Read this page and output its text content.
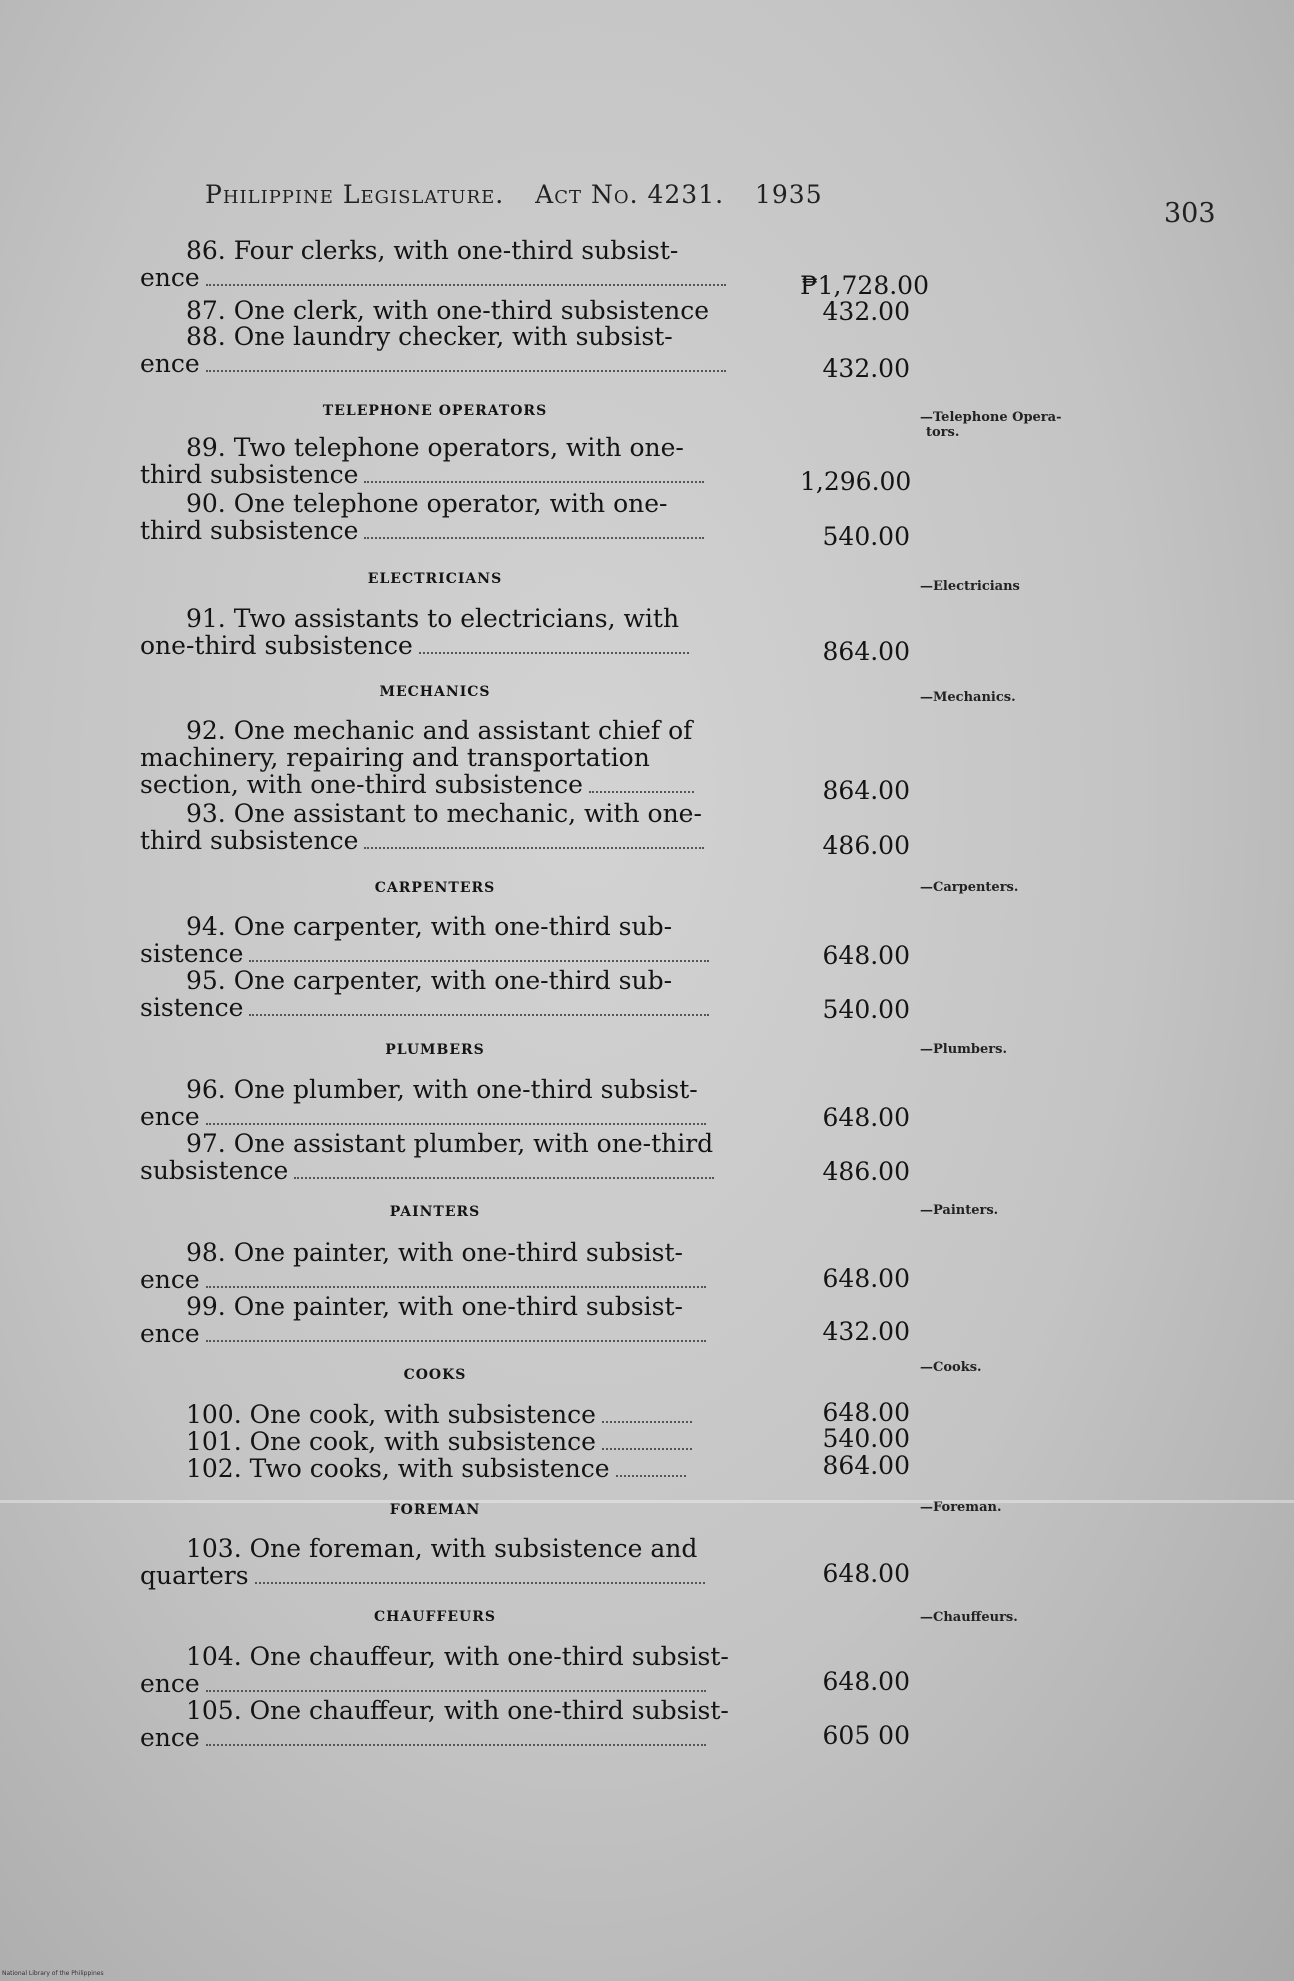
Philippine Legislature. Act No. 4231. 1935
303
86. Four clerks, with one-third subsist-
ence	₱1,728.00
87. One clerk, with one-third subsistence	432.00
88. One laundry checker, with subsist-
ence	432.00
TELEPHONE OPERATORS	—Telephone Opera-
tors.
89. Two telephone operators, with one-
third subsistence	1,296.00
90. One telephone operator, with one-
third subsistence	540.00
ELECTRICIANS	—Electricians
91. Two assistants to electricians, with
one-third subsistence	864.00
MECHANICS	—Mechanics.
92. One mechanic and assistant chief of
machinery, repairing and transportation
section, with one-third subsistence	864.00
93. One assistant to mechanic, with one-
third subsistence	486.00
CARPENTERS	—Carpenters.
94. One carpenter, with one-third sub-
sistence	648.00
95. One carpenter, with one-third sub-
sistence	540.00
PLUMBERS	—Plumbers.
96. One plumber, with one-third subsist-
ence	648.00
97. One assistant plumber, with one-third
subsistence	486.00
PAINTERS	—Painters.
98. One painter, with one-third subsist-
ence	648.00
99. One painter, with one-third subsist-
ence	432.00
COOKS	—Cooks.
100. One cook, with subsistence	648.00
101. One cook, with subsistence	540.00
102. Two cooks, with subsistence	864.00
FOREMAN	—Foreman.
103. One foreman, with subsistence and
quarters	648.00
CHAUFFEURS	—Chauffeurs.
104. One chauffeur, with one-third subsist-
ence	648.00
105. One chauffeur, with one-third subsist-
ence	605 00
National Library of the Philippines
